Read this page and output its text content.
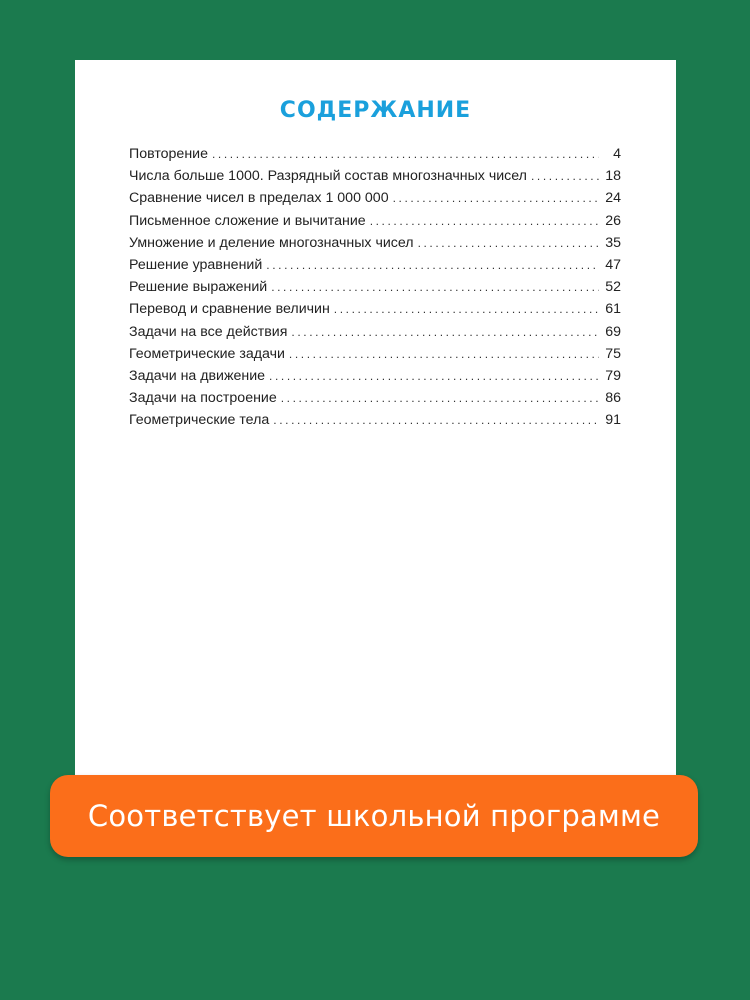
СОДЕРЖАНИЕ
Повторение .....	4
Числа больше 1000. Разрядный состав многозначных чисел .....	18
Сравнение чисел в пределах 1 000 000 .....	24
Письменное сложение и вычитание .....	26
Умножение и деление многозначных чисел .....	35
Решение уравнений .....	47
Решение выражений .....	52
Перевод и сравнение величин .....	61
Задачи на все действия .....	69
Геометрические задачи .....	75
Задачи на движение .....	79
Задачи на построение .....	86
Геометрические тела .....	91
Соответствует школьной программе
